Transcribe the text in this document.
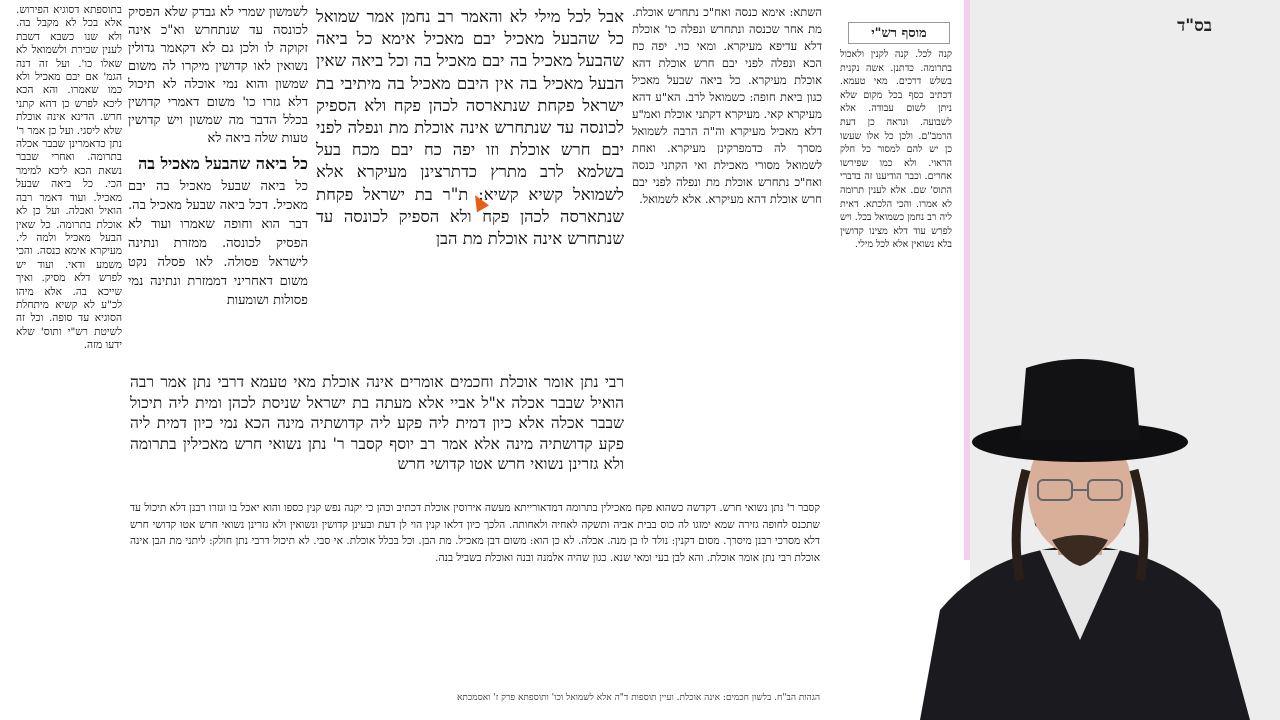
בתוספתא דסוגיא הפירוש. אלא בכל לא מקבל בה. ולא שנו כשבא דשבת לענין שבירת ולשמואל לא שאלו כו'. ועל זה דנה הגמ' אם יבם מאכיל ולא כמו שאמרו. והא הכא ליכא לפרש כן דהא קתני חרש. הדינא אינה אוכלת שלא ליסגי. ועל כן אמר ר' נתן כדאמרינן שבבר אכלה בתרומה. ואחרי שבבר נשאת הכא ליכא למימר הכי. כל ביאה שבעל מאכיל. ועוד דאמר רבה הואיל ואכלה. ועל כן לא אוכלת בתרומה. כל שאין הבעל מאכיל ולמה לי. מעיקרא אימא כנסה. והכי משמע ודאי. ועוד יש לפרש דלא מסיק. ואיך שייכא בה. אלא מיהו לכ"ע לא קשיא מיתחלת הסוגיא עד סופה. וכל זה לשיטת רש"י ותוס' שלא ידעו מזה.

לשמשון שמרי לא גבדק שלא הפסיק לכונסה עד שנתחרש וא"כ אינה זקוקה לו ולכן גם לא דקאמר גדולין נשואין לאו קדושין מיקרו לה משום שמשון והוא נמי אוכלה לא תיכול דלא גזרו כו' משום דאמרי קדושין בכלל הדבר מה שמשון ויש קדושין טעות שלה ביאה לא

כל ביאה שהבעל מאכיל בה

כל ביאה שבעל מאכיל בה יבם מאכיל. דכל ביאה שבעל מאכיל בה. דבר הוא וחופה שאמרו ועוד לא הפסיק לכונסה. ממזרת ונתינה לישראל פסולה. לאו פסלה נקט משום דאחריני דממזרת ונתינה נמי פסולות ושומעות

אבל לכל מילי לא והאמר רב נחמן אמר שמואל כל שהבעל מאכיל יבם מאכיל אימא כל ביאה שהבעל מאכיל בה יבם מאכיל בה וכל ביאה שאין הבעל מאכיל בה אין היבם מאכיל בה מיתיבי בת ישראל פקחת שנתארסה לכהן פקח ולא הספיק לכונסה עד שנתחרש אינה אוכלת מת ונפלה לפני יבם חרש אוכלת וזו יפה כח יבם מכח בעל בשלמא לרב מתרץ כדתרצינן מעיקרא אלא לשמואל קשיא קשיא: ת"ר בת ישראל פקחת שנתארסה לכהן פקח ולא הספיק לכונסה עד שנתחרש אינה אוכלת מת הבן

רבי נתן אומר אוכלת וחכמים אומרים אינה אוכלת מאי טעמא דרבי נתן אמר רבה הואיל שבבר אכלה א"ל אביי אלא מעתה בת ישראל שניסת לכהן ומית ליה תיכול שבבר אכלה אלא כיון דמית ליה פקע ליה קדושתיה מינה הכא נמי כיון דמית ליה פקע קדושתיה מינה אלא אמר רב יוסף קסבר ר' נתן נשואי חרש מאכילין בתרומה ולא גזרינן נשואי חרש אטו קדושי חרש

השתא: אימא כנסה ואח"כ נתחרש אוכלת. מת אחר שכנסה ונתחרש ונפלה כו' אוכלת דלא עדיפא מעיקרא. ומאי כוי. יפה כח הכא ונפלה לפני יבם חרש אוכלת דהא אוכלת מעיקרא. כל ביאה שבעל מאכיל כגון ביאת חופה: כשמואל לרב. הא"ע דהא מעיקרא קאי. מעיקרא דקתני אוכלת ואמ"ע דלא מאכיל מעיקרא וה"ה הרבה לשמואל מסרך לה כדמפרקינן מעיקרא. ואחת לשמואל מסורי מאכילת ואי הקתני כנסה ואח"כ נתחרש אוכלת מת ונפלה לפני יבם חרש אוכלת דהא מעיקרא. אלא לשמואל.

קסבר ר' נתן נשואי חרש. דקדשה כשהוא פקח מאכילין בתרומה דמדאורייתא מעשה אירוסין אוכלת דכתיב וכהן כי יקנה נפש קנין כספו והוא יאכל בו וגזרו רבנן דלא תיכול עד שתכנס לחופה גזירה שמא ימזגו לה כוס בבית אביה ותשקה לאחיה ולאחותה. הלכך כיון דלאו קנין הוי לן דעת ובעינן קדושין ונשואין ולא גזרינן נשואי חרש אטו קדושי חרש דלא מסרכי רבנן מיסרך. מסום דקנין: נולד לו בן מנה. אכלה. לא כן הוא: משום דבן מאכיל. מת הבן. וכל בכלל אוכלת. אי סבי. לא תיכול דרבי נתן חולק: ליתני מת הבן אינה אוכלת רבי נתן אומר אוכלת. והא לבן בעי ומאי שנא. כגון שהיה אלמנה ובנה ואוכלת בשביל בנה.

מוסף רש"י

קנה לכל. קנה לקנין ולאכול בתרומה. כדתנן. אשה נקנית בשלש דרכים. מאי טעמא. דכתיב כסף בכל מקום שלא ניתן לשום עבודה. אלא לשבועה. ונראה כן דעת הרמב"ם. ולכן כל אלו שעשו כן יש להם למסור כל חלק הראוי. ולא כמו שפירשו אחרים. וכבר הודיענו זה בדברי התוס' שם. אלא לענין תרומה לא אמרו. והכי הלכתא. דאית ליה רב נחמן כשמואל בכל. ויש לפרש עוד דלא מצינו קדושין בלא נשואין אלא לכל מילי.

הגהות הב"ח. בלשון חכמים: אינה אוכלת. ועיין תוספות ד"ה אלא לשמואל וכו' ותוספתא פרק ז' ואסמכתא
בס"ד
